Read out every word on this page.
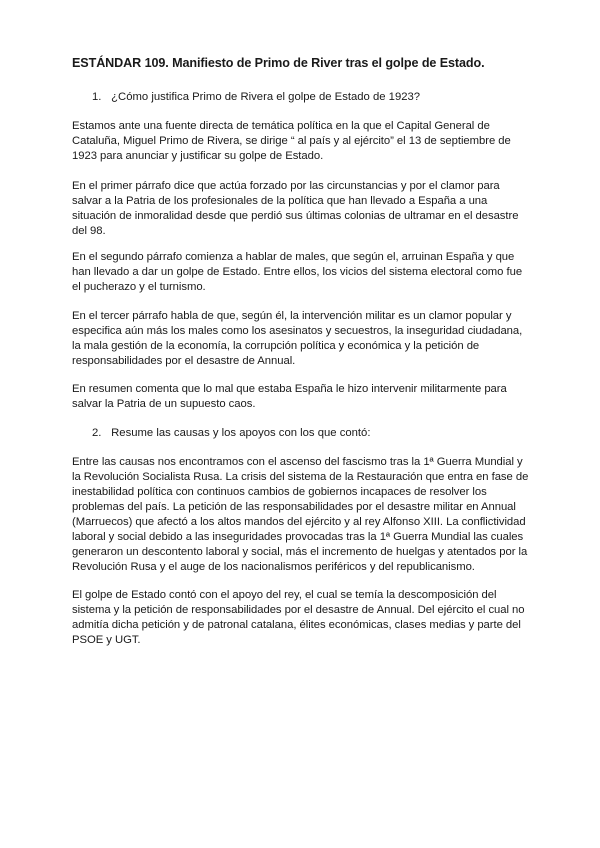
ESTÁNDAR 109. Manifiesto de Primo de River tras el golpe de Estado.
1. ¿Cómo justifica Primo de Rivera el golpe de Estado de 1923?
Estamos ante una fuente directa de temática política en la que el Capital General de Cataluña, Miguel Primo de Rivera, se dirige “ al país y al ejército” el 13 de septiembre de 1923 para anunciar y justificar su golpe de Estado.
En el primer párrafo dice que actúa forzado por las circunstancias y por el clamor para salvar a la Patria de los profesionales de la política que han llevado a España a una situación de inmoralidad desde que perdió sus últimas colonias de ultramar en el desastre del 98.
En el segundo párrafo comienza a hablar de males, que según el, arruinan España y que han llevado a dar un golpe de Estado. Entre ellos, los vicios del sistema electoral como fue el pucherazo y el turnismo.
En el tercer párrafo habla de que, según él, la intervención militar es un clamor popular y especifica aún más los males como los asesinatos y secuestros, la inseguridad ciudadana, la mala gestión de la economía, la corrupción política y económica y la petición de responsabilidades por el desastre de Annual.
En resumen comenta que lo mal que estaba España le hizo intervenir militarmente para salvar la Patria de un supuesto caos.
2. Resume las causas y los apoyos con los que contó:
Entre las causas nos encontramos con el ascenso del fascismo tras la 1ª Guerra Mundial y la Revolución Socialista Rusa. La crisis del sistema de la Restauración que entra en fase de inestabilidad política con continuos cambios de gobiernos incapaces de resolver los problemas del país. La petición de las responsabilidades por el desastre militar en Annual (Marruecos) que afectó a los altos mandos del ejército y al rey Alfonso XIII. La conflictividad laboral y social debido a las inseguridades provocadas tras la 1ª Guerra Mundial las cuales generaron un descontento laboral y social, más el incremento de huelgas y atentados por la Revolución Rusa y el auge de los nacionalismos periféricos y del republicanismo.
El golpe de Estado contó con el apoyo del rey, el cual se temía la descomposición del sistema y la petición de responsabilidades por el desastre de Annual. Del ejército el cual no admitía dicha petición y de patronal catalana, élites económicas, clases medias y parte del PSOE y UGT.
